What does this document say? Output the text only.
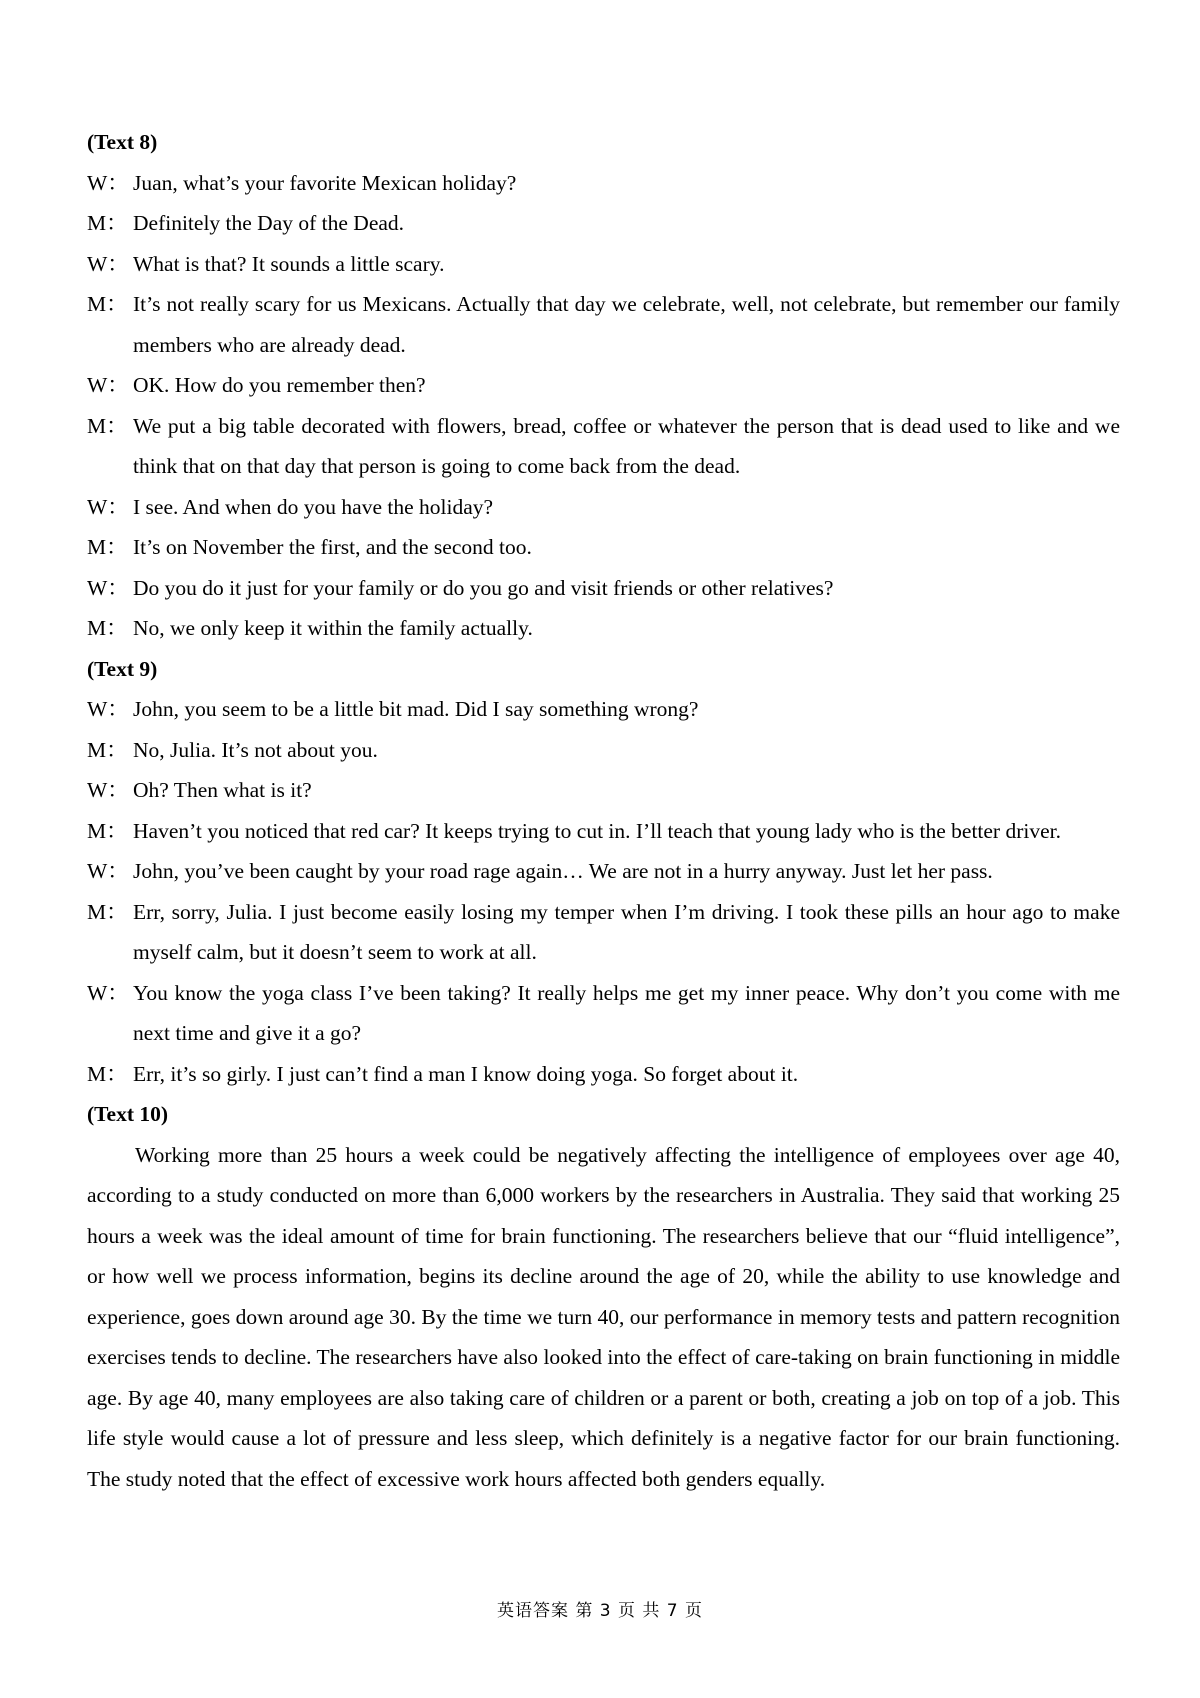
(Text 8)

W： Juan, what’s your favorite Mexican holiday?
M： Definitely the Day of the Dead.
W： What is that? It sounds a little scary.
M： It’s not really scary for us Mexicans. Actually that day we celebrate, well, not celebrate, but remember our family members who are already dead.
W： OK. How do you remember then?
M： We put a big table decorated with flowers, bread, coffee or whatever the person that is dead used to like and we think that on that day that person is going to come back from the dead.
W： I see. And when do you have the holiday?
M： It’s on November the first, and the second too.
W： Do you do it just for your family or do you go and visit friends or other relatives?
M： No, we only keep it within the family actually.

(Text 9)

W： John, you seem to be a little bit mad. Did I say something wrong?
M： No, Julia. It’s not about you.
W： Oh? Then what is it?
M： Haven’t you noticed that red car? It keeps trying to cut in. I’ll teach that young lady who is the better driver.
W： John, you’ve been caught by your road rage again… We are not in a hurry anyway. Just let her pass.
M： Err, sorry, Julia. I just become easily losing my temper when I’m driving. I took these pills an hour ago to make myself calm, but it doesn’t seem to work at all.
W： You know the yoga class I’ve been taking? It really helps me get my inner peace. Why don’t you come with me next time and give it a go?
M： Err, it’s so girly. I just can’t find a man I know doing yoga. So forget about it.

(Text 10)

Working more than 25 hours a week could be negatively affecting the intelligence of employees over age 40, according to a study conducted on more than 6,000 workers by the researchers in Australia. They said that working 25 hours a week was the ideal amount of time for brain functioning. The researchers believe that our “fluid intelligence”, or how well we process information, begins its decline around the age of 20, while the ability to use knowledge and experience, goes down around age 30. By the time we turn 40, our performance in memory tests and pattern recognition exercises tends to decline. The researchers have also looked into the effect of care-taking on brain functioning in middle age. By age 40, many employees are also taking care of children or a parent or both, creating a job on top of a job. This life style would cause a lot of pressure and less sleep, which definitely is a negative factor for our brain functioning. The study noted that the effect of excessive work hours affected both genders equally.

英语答案 第 3 页 共 7 页
